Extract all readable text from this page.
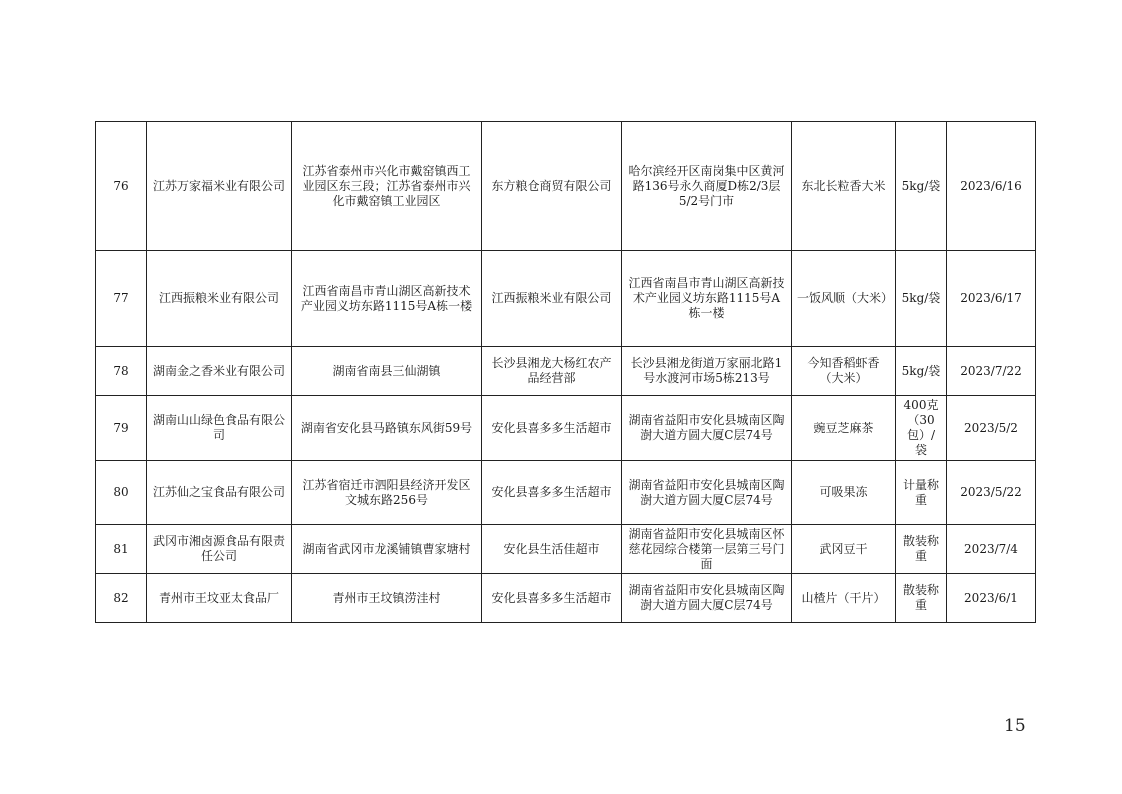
76	江苏万家福米业有限公司	江苏省泰州市兴化市戴窑镇西工业园区东三段；江苏省泰州市兴化市戴窑镇工业园区	东方粮仓商贸有限公司	哈尔滨经开区南岗集中区黄河路136号永久商厦D栋2/3层5/2号门市	东北长粒香大米	5kg/袋	2023/6/16
77	江西振粮米业有限公司	江西省南昌市青山湖区高新技术产业园义坊东路1115号A栋一楼	江西振粮米业有限公司	江西省南昌市青山湖区高新技术产业园义坊东路1115号A栋一楼	一饭风顺（大米）	5kg/袋	2023/6/17
78	湖南金之香米业有限公司	湖南省南县三仙湖镇	长沙县湘龙大杨红农产品经营部	长沙县湘龙街道万家丽北路1号水渡河市场5栋213号	今知香稻虾香（大米）	5kg/袋	2023/7/22
79	湖南山山绿色食品有限公司	湖南省安化县马路镇东风街59号	安化县喜多多生活超市	湖南省益阳市安化县城南区陶澍大道方圆大厦C层74号	豌豆芝麻茶	400克（30包）/袋	2023/5/2
80	江苏仙之宝食品有限公司	江苏省宿迁市泗阳县经济开发区文城东路256号	安化县喜多多生活超市	湖南省益阳市安化县城南区陶澍大道方圆大厦C层74号	可吸果冻	计量称重	2023/5/22
81	武冈市湘卤源食品有限责任公司	湖南省武冈市龙溪铺镇曹家塘村	安化县生活佳超市	湖南省益阳市安化县城南区怀慈花园综合楼第一层第三号门面	武冈豆干	散装称重	2023/7/4
82	青州市王坟亚太食品厂	青州市王坟镇涝洼村	安化县喜多多生活超市	湖南省益阳市安化县城南区陶澍大道方圆大厦C层74号	山楂片（干片）	散装称重	2023/6/1
15
